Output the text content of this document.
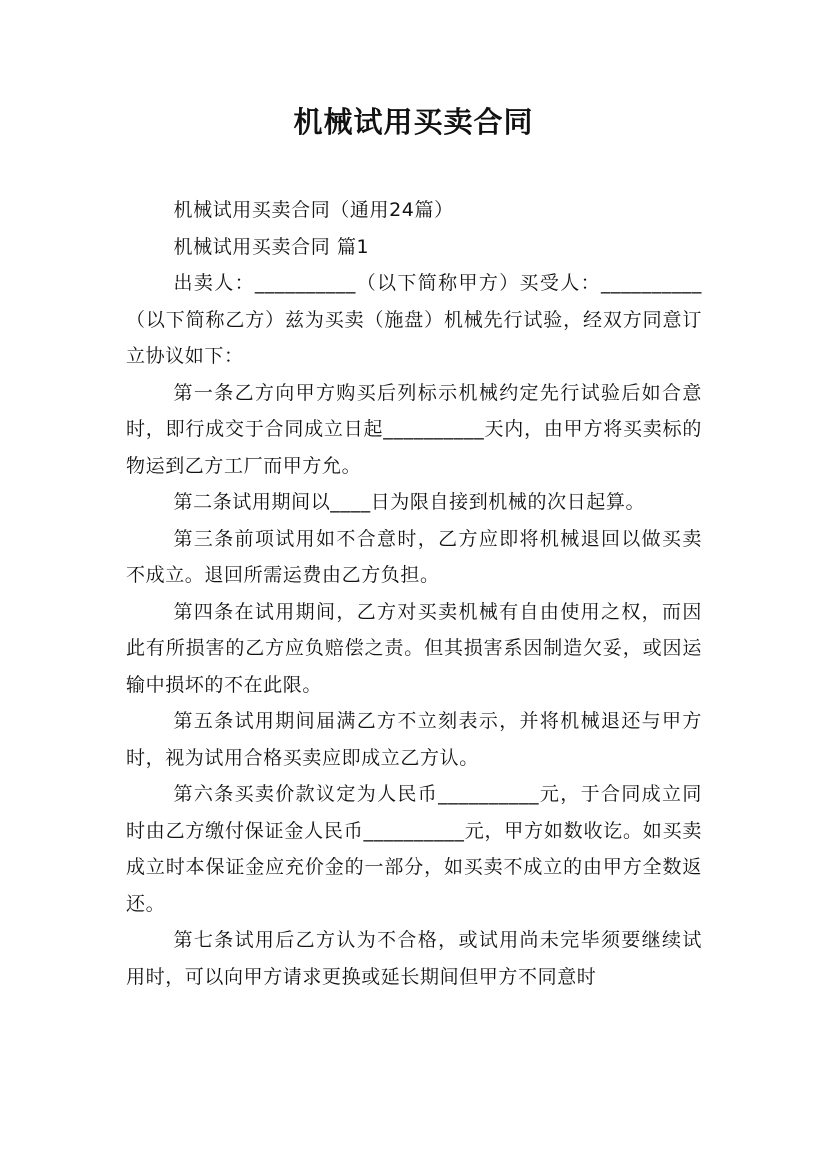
机械试用买卖合同

机械试用买卖合同（通用24篇）

机械试用买卖合同 篇1

出卖人：__________（以下简称甲方）买受人：__________（以下简称乙方）兹为买卖（施盘）机械先行试验，经双方同意订立协议如下：

第一条乙方向甲方购买后列标示机械约定先行试验后如合意时，即行成交于合同成立日起__________天内，由甲方将买卖标的物运到乙方工厂而甲方允。

第二条试用期间以____日为限自接到机械的次日起算。

第三条前项试用如不合意时，乙方应即将机械退回以做买卖不成立。退回所需运费由乙方负担。

第四条在试用期间，乙方对买卖机械有自由使用之权，而因此有所损害的乙方应负赔偿之责。但其损害系因制造欠妥，或因运输中损坏的不在此限。

第五条试用期间届满乙方不立刻表示，并将机械退还与甲方时，视为试用合格买卖应即成立乙方认。

第六条买卖价款议定为人民币__________元，于合同成立同时由乙方缴付保证金人民币__________元，甲方如数收讫。如买卖成立时本保证金应充价金的一部分，如买卖不成立的由甲方全数返还。

第七条试用后乙方认为不合格，或试用尚未完毕须要继续试用时，可以向甲方请求更换或延长期间但甲方不同意时
